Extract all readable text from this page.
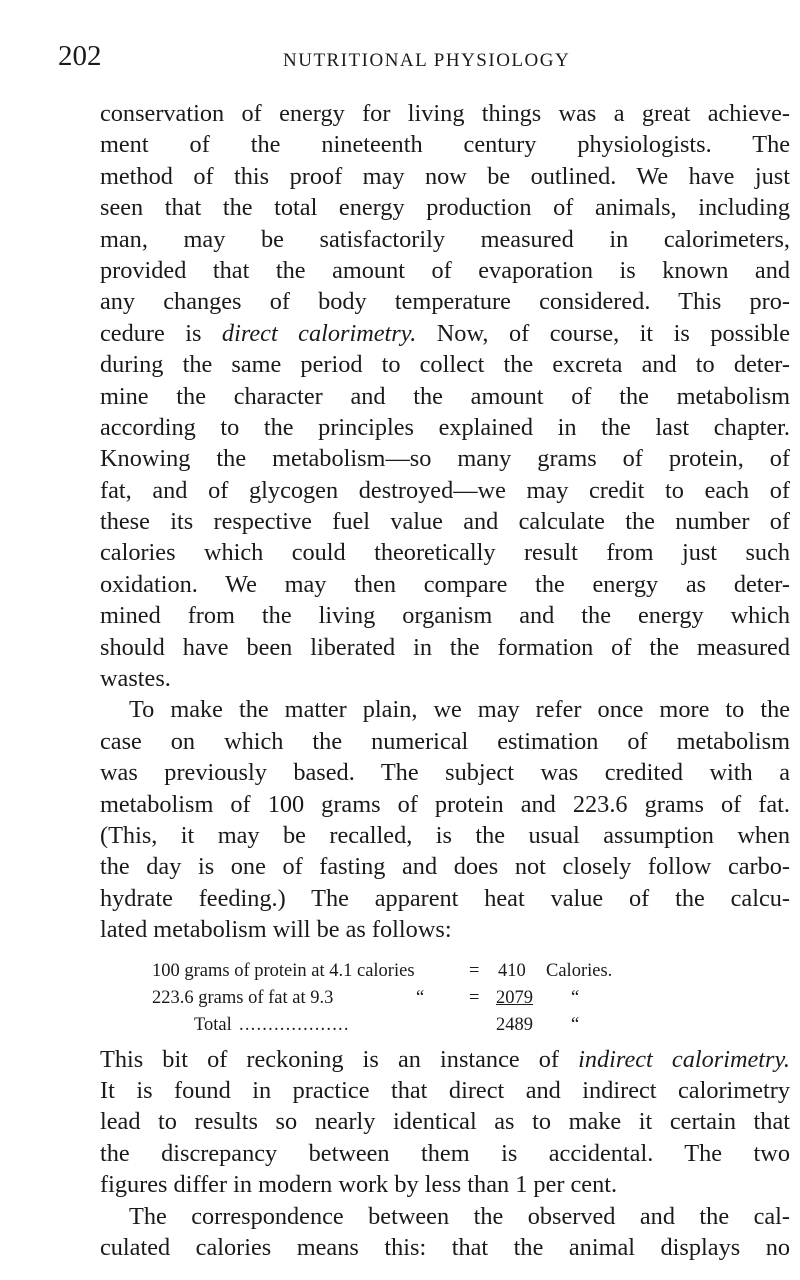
202	NUTRITIONAL PHYSIOLOGY
conservation of energy for living things was a great achieve-
ment of the nineteenth century physiologists. The
method of this proof may now be outlined. We have just
seen that the total energy production of animals, including
man, may be satisfactorily measured in calorimeters,
provided that the amount of evaporation is known and
any changes of body temperature considered. This pro-
cedure is direct calorimetry. Now, of course, it is possible
during the same period to collect the excreta and to deter-
mine the character and the amount of the metabolism
according to the principles explained in the last chapter.
Knowing the metabolism—so many grams of protein, of
fat, and of glycogen destroyed—we may credit to each of
these its respective fuel value and calculate the number of
calories which could theoretically result from just such
oxidation. We may then compare the energy as deter-
mined from the living organism and the energy which
should have been liberated in the formation of the measured
wastes.
To make the matter plain, we may refer once more to the
case on which the numerical estimation of metabolism
was previously based. The subject was credited with a
metabolism of 100 grams of protein and 223.6 grams of fat.
(This, it may be recalled, is the usual assumption when
the day is one of fasting and does not closely follow carbo-
hydrate feeding.) The apparent heat value of the calcu-
lated metabolism will be as follows:
100 grams of protein at 4.1 calories	= 410 Calories.
223.6 grams of fat at 9.3	“ = 2079 “
Total ...................	2489 “
This bit of reckoning is an instance of indirect calorimetry.
It is found in practice that direct and indirect calorimetry
lead to results so nearly identical as to make it certain that
the discrepancy between them is accidental. The two
figures differ in modern work by less than 1 per cent.
The correspondence between the observed and the cal-
culated calories means this: that the animal displays no
